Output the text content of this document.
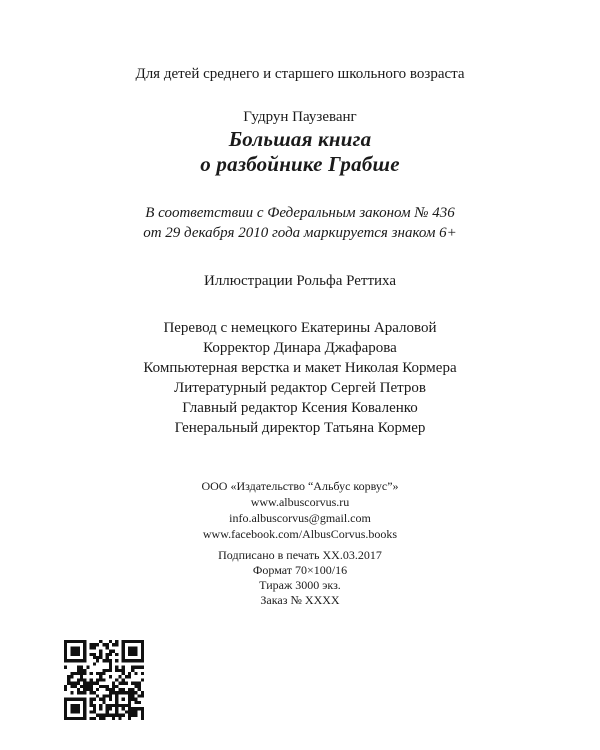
Для детей среднего и старшего школьного возраста
Гудрун Паузеванг
Большая книга
о разбойнике Грабше
В соответствии с Федеральным законом № 436
от 29 декабря 2010 года маркируется знаком 6+
Иллюстрации Рольфа Реттиха
Перевод с немецкого Екатерины Араловой
Корректор Динара Джафарова
Компьютерная верстка и макет Николая Кормера
Литературный редактор Сергей Петров
Главный редактор Ксения Коваленко
Генеральный директор Татьяна Кормер
ООО «Издательство “Альбус корвус”»
www.albuscorvus.ru
info.albuscorvus@gmail.com
www.facebook.com/AlbusCorvus.books
Подписано в печать XX.03.2017
Формат 70×100/16
Тираж 3000 экз.
Заказ № XXXX
